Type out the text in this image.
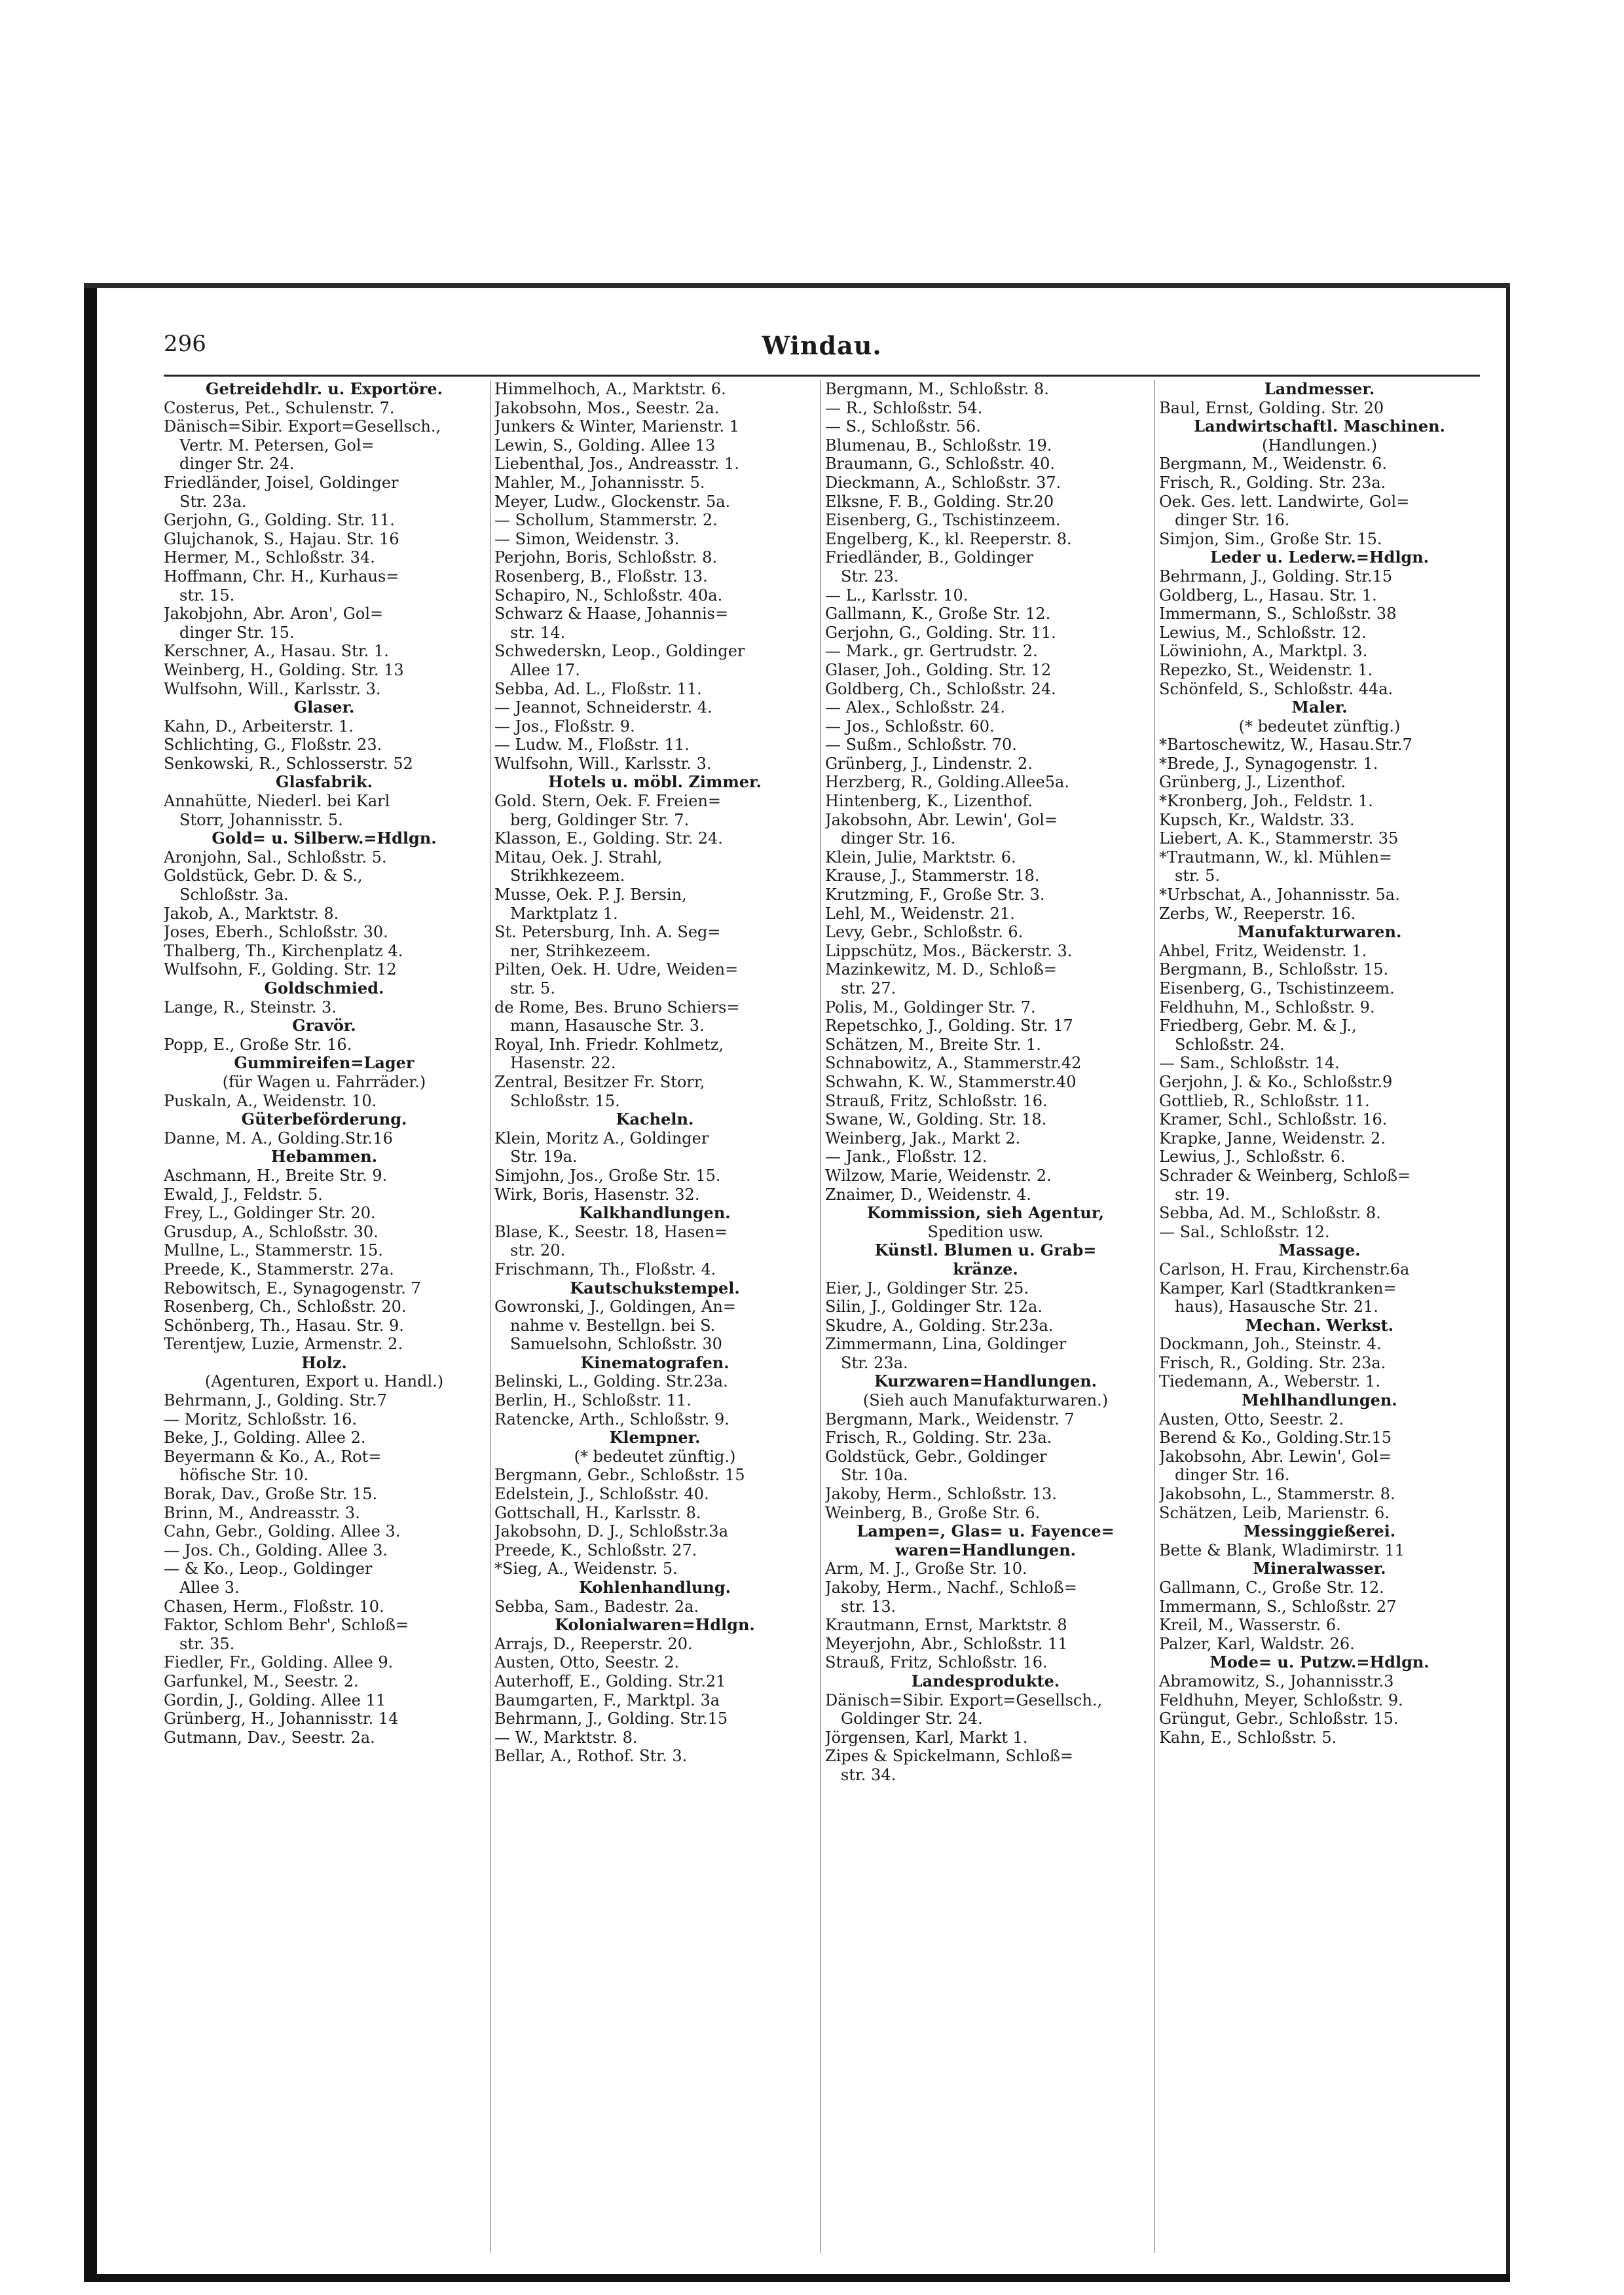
296	Windau.
Getreidehdlr. u. Exportöre.
Costerus, Pet., Schulenstr. 7.
Dänisch=Sibir. Export=Gesellsch.,
Vertr. M. Petersen, Gol=
dinger Str. 24.
Friedländer, Joisel, Goldinger
Str. 23a.
Gerjohn, G., Golding. Str. 11.
Glujchanok, S., Hajau. Str. 16
Hermer, M., Schloßstr. 34.
Hoffmann, Chr. H., Kurhaus=
str. 15.
Jakobjohn, Abr. Aron', Gol=
dinger Str. 15.
Kerschner, A., Hasau. Str. 1.
Weinberg, H., Golding. Str. 13
Wulfsohn, Will., Karlsstr. 3.
Glaser.
Kahn, D., Arbeiterstr. 1.
Schlichting, G., Floßstr. 23.
Senkowski, R., Schlosserstr. 52
Glasfabrik.
Annahütte, Niederl. bei Karl
Storr, Johannisstr. 5.
Gold= u. Silberw.=Hdlgn.
Aronjohn, Sal., Schloßstr. 5.
Goldstück, Gebr. D. & S.,
Schloßstr. 3a.
Jakob, A., Marktstr. 8.
Joses, Eberh., Schloßstr. 30.
Thalberg, Th., Kirchenplatz 4.
Wulfsohn, F., Golding. Str. 12
Goldschmied.
Lange, R., Steinstr. 3.
Gravör.
Popp, E., Große Str. 16.
Gummireifen=Lager
(für Wagen u. Fahrräder.)
Puskaln, A., Weidenstr. 10.
Güterbeförderung.
Danne, M. A., Golding.Str.16
Hebammen.
Aschmann, H., Breite Str. 9.
Ewald, J., Feldstr. 5.
Frey, L., Goldinger Str. 20.
Grusdup, A., Schloßstr. 30.
Mullne, L., Stammerstr. 15.
Preede, K., Stammerstr. 27a.
Rebowitsch, E., Synagogenstr. 7
Rosenberg, Ch., Schloßstr. 20.
Schönberg, Th., Hasau. Str. 9.
Terentjew, Luzie, Armenstr. 2.
Holz.
(Agenturen, Export u. Handl.)
Behrmann, J., Golding. Str.7
— Moritz, Schloßstr. 16.
Beke, J., Golding. Allee 2.
Beyermann & Ko., A., Rot=
höfische Str. 10.
Borak, Dav., Große Str. 15.
Brinn, M., Andreasstr. 3.
Cahn, Gebr., Golding. Allee 3.
— Jos. Ch., Golding. Allee 3.
— & Ko., Leop., Goldinger
Allee 3.
Chasen, Herm., Floßstr. 10.
Faktor, Schlom Behr', Schloß=
str. 35.
Fiedler, Fr., Golding. Allee 9.
Garfunkel, M., Seestr. 2.
Gordin, J., Golding. Allee 11
Grünberg, H., Johannisstr. 14
Gutmann, Dav., Seestr. 2a.
Himmelhoch, A., Marktstr. 6.
Jakobsohn, Mos., Seestr. 2a.
Junkers & Winter, Marienstr. 1
Lewin, S., Golding. Allee 13
Liebenthal, Jos., Andreasstr. 1.
Mahler, M., Johannisstr. 5.
Meyer, Ludw., Glockenstr. 5a.
— Schollum, Stammerstr. 2.
— Simon, Weidenstr. 3.
Perjohn, Boris, Schloßstr. 8.
Rosenberg, B., Floßstr. 13.
Schapiro, N., Schloßstr. 40a.
Schwarz & Haase, Johannis=
str. 14.
Schwederskn, Leop., Goldinger
Allee 17.
Sebba, Ad. L., Floßstr. 11.
— Jeannot, Schneiderstr. 4.
— Jos., Floßstr. 9.
— Ludw. M., Floßstr. 11.
Wulfsohn, Will., Karlsstr. 3.
Hotels u. möbl. Zimmer.
Gold. Stern, Oek. F. Freien=
berg, Goldinger Str. 7.
Klasson, E., Golding. Str. 24.
Mitau, Oek. J. Strahl,
Strikhkezeem.
Musse, Oek. P. J. Bersin,
Marktplatz 1.
St. Petersburg, Inh. A. Seg=
ner, Strihkezeem.
Pilten, Oek. H. Udre, Weiden=
str. 5.
de Rome, Bes. Bruno Schiers=
mann, Hasausche Str. 3.
Royal, Inh. Friedr. Kohlmetz,
Hasenstr. 22.
Zentral, Besitzer Fr. Storr,
Schloßstr. 15.
Kacheln.
Klein, Moritz A., Goldinger
Str. 19a.
Simjohn, Jos., Große Str. 15.
Wirk, Boris, Hasenstr. 32.
Kalkhandlungen.
Blase, K., Seestr. 18, Hasen=
str. 20.
Frischmann, Th., Floßstr. 4.
Kautschukstempel.
Gowronski, J., Goldingen, An=
nahme v. Bestellgn. bei S.
Samuelsohn, Schloßstr. 30
Kinematografen.
Belinski, L., Golding. Str.23a.
Berlin, H., Schloßstr. 11.
Ratencke, Arth., Schloßstr. 9.
Klempner.
(* bedeutet zünftig.)
Bergmann, Gebr., Schloßstr. 15
Edelstein, J., Schloßstr. 40.
Gottschall, H., Karlsstr. 8.
Jakobsohn, D. J., Schloßstr.3a
Preede, K., Schloßstr. 27.
*Sieg, A., Weidenstr. 5.
Kohlenhandlung.
Sebba, Sam., Badestr. 2a.
Kolonialwaren=Hdlgn.
Arrajs, D., Reeperstr. 20.
Austen, Otto, Seestr. 2.
Auterhoff, E., Golding. Str.21
Baumgarten, F., Marktpl. 3a
Behrmann, J., Golding. Str.15
— W., Marktstr. 8.
Bellar, A., Rothof. Str. 3.
Bergmann, M., Schloßstr. 8.
— R., Schloßstr. 54.
— S., Schloßstr. 56.
Blumenau, B., Schloßstr. 19.
Braumann, G., Schloßstr. 40.
Dieckmann, A., Schloßstr. 37.
Elksne, F. B., Golding. Str.20
Eisenberg, G., Tschistinzeem.
Engelberg, K., kl. Reeperstr. 8.
Friedländer, B., Goldinger
Str. 23.
— L., Karlsstr. 10.
Gallmann, K., Große Str. 12.
Gerjohn, G., Golding. Str. 11.
— Mark., gr. Gertrudstr. 2.
Glaser, Joh., Golding. Str. 12
Goldberg, Ch., Schloßstr. 24.
— Alex., Schloßstr. 24.
— Jos., Schloßstr. 60.
— Sußm., Schloßstr. 70.
Grünberg, J., Lindenstr. 2.
Herzberg, R., Golding.Allee5a.
Hintenberg, K., Lizenthof.
Jakobsohn, Abr. Lewin', Gol=
dinger Str. 16.
Klein, Julie, Marktstr. 6.
Krause, J., Stammerstr. 18.
Krutzming, F., Große Str. 3.
Lehl, M., Weidenstr. 21.
Levy, Gebr., Schloßstr. 6.
Lippschütz, Mos., Bäckerstr. 3.
Mazinkewitz, M. D., Schloß=
str. 27.
Polis, M., Goldinger Str. 7.
Repetschko, J., Golding. Str. 17
Schätzen, M., Breite Str. 1.
Schnabowitz, A., Stammerstr.42
Schwahn, K. W., Stammerstr.40
Strauß, Fritz, Schloßstr. 16.
Swane, W., Golding. Str. 18.
Weinberg, Jak., Markt 2.
— Jank., Floßstr. 12.
Wilzow, Marie, Weidenstr. 2.
Znaimer, D., Weidenstr. 4.
Kommission, sieh Agentur,
Spedition usw.
Künstl. Blumen u. Grab=
kränze.
Eier, J., Goldinger Str. 25.
Silin, J., Goldinger Str. 12a.
Skudre, A., Golding. Str.23a.
Zimmermann, Lina, Goldinger
Str. 23a.
Kurzwaren=Handlungen.
(Sieh auch Manufakturwaren.)
Bergmann, Mark., Weidenstr. 7
Frisch, R., Golding. Str. 23a.
Goldstück, Gebr., Goldinger
Str. 10a.
Jakoby, Herm., Schloßstr. 13.
Weinberg, B., Große Str. 6.
Lampen=, Glas= u. Fayence=
waren=Handlungen.
Arm, M. J., Große Str. 10.
Jakoby, Herm., Nachf., Schloß=
str. 13.
Krautmann, Ernst, Marktstr. 8
Meyerjohn, Abr., Schloßstr. 11
Strauß, Fritz, Schloßstr. 16.
Landesprodukte.
Dänisch=Sibir. Export=Gesellsch.,
Goldinger Str. 24.
Jörgensen, Karl, Markt 1.
Zipes & Spickelmann, Schloß=
str. 34.
Landmesser.
Baul, Ernst, Golding. Str. 20
Landwirtschaftl. Maschinen.
(Handlungen.)
Bergmann, M., Weidenstr. 6.
Frisch, R., Golding. Str. 23a.
Oek. Ges. lett. Landwirte, Gol=
dinger Str. 16.
Simjon, Sim., Große Str. 15.
Leder u. Lederw.=Hdlgn.
Behrmann, J., Golding. Str.15
Goldberg, L., Hasau. Str. 1.
Immermann, S., Schloßstr. 38
Lewius, M., Schloßstr. 12.
Löwiniohn, A., Marktpl. 3.
Repezko, St., Weidenstr. 1.
Schönfeld, S., Schloßstr. 44a.
Maler.
(* bedeutet zünftig.)
*Bartoschewitz, W., Hasau.Str.7
*Brede, J., Synagogenstr. 1.
Grünberg, J., Lizenthof.
*Kronberg, Joh., Feldstr. 1.
Kupsch, Kr., Waldstr. 33.
Liebert, A. K., Stammerstr. 35
*Trautmann, W., kl. Mühlen=
str. 5.
*Urbschat, A., Johannisstr. 5a.
Zerbs, W., Reeperstr. 16.
Manufakturwaren.
Ahbel, Fritz, Weidenstr. 1.
Bergmann, B., Schloßstr. 15.
Eisenberg, G., Tschistinzeem.
Feldhuhn, M., Schloßstr. 9.
Friedberg, Gebr. M. & J.,
Schloßstr. 24.
— Sam., Schloßstr. 14.
Gerjohn, J. & Ko., Schloßstr.9
Gottlieb, R., Schloßstr. 11.
Kramer, Schl., Schloßstr. 16.
Krapke, Janne, Weidenstr. 2.
Lewius, J., Schloßstr. 6.
Schrader & Weinberg, Schloß=
str. 19.
Sebba, Ad. M., Schloßstr. 8.
— Sal., Schloßstr. 12.
Massage.
Carlson, H. Frau, Kirchenstr.6a
Kamper, Karl (Stadtkranken=
haus), Hasausche Str. 21.
Mechan. Werkst.
Dockmann, Joh., Steinstr. 4.
Frisch, R., Golding. Str. 23a.
Tiedemann, A., Weberstr. 1.
Mehlhandlungen.
Austen, Otto, Seestr. 2.
Berend & Ko., Golding.Str.15
Jakobsohn, Abr. Lewin', Gol=
dinger Str. 16.
Jakobsohn, L., Stammerstr. 8.
Schätzen, Leib, Marienstr. 6.
Messinggießerei.
Bette & Blank, Wladimirstr. 11
Mineralwasser.
Gallmann, C., Große Str. 12.
Immermann, S., Schloßstr. 27
Kreil, M., Wasserstr. 6.
Palzer, Karl, Waldstr. 26.
Mode= u. Putzw.=Hdlgn.
Abramowitz, S., Johannisstr.3
Feldhuhn, Meyer, Schloßstr. 9.
Grüngut, Gebr., Schloßstr. 15.
Kahn, E., Schloßstr. 5.
